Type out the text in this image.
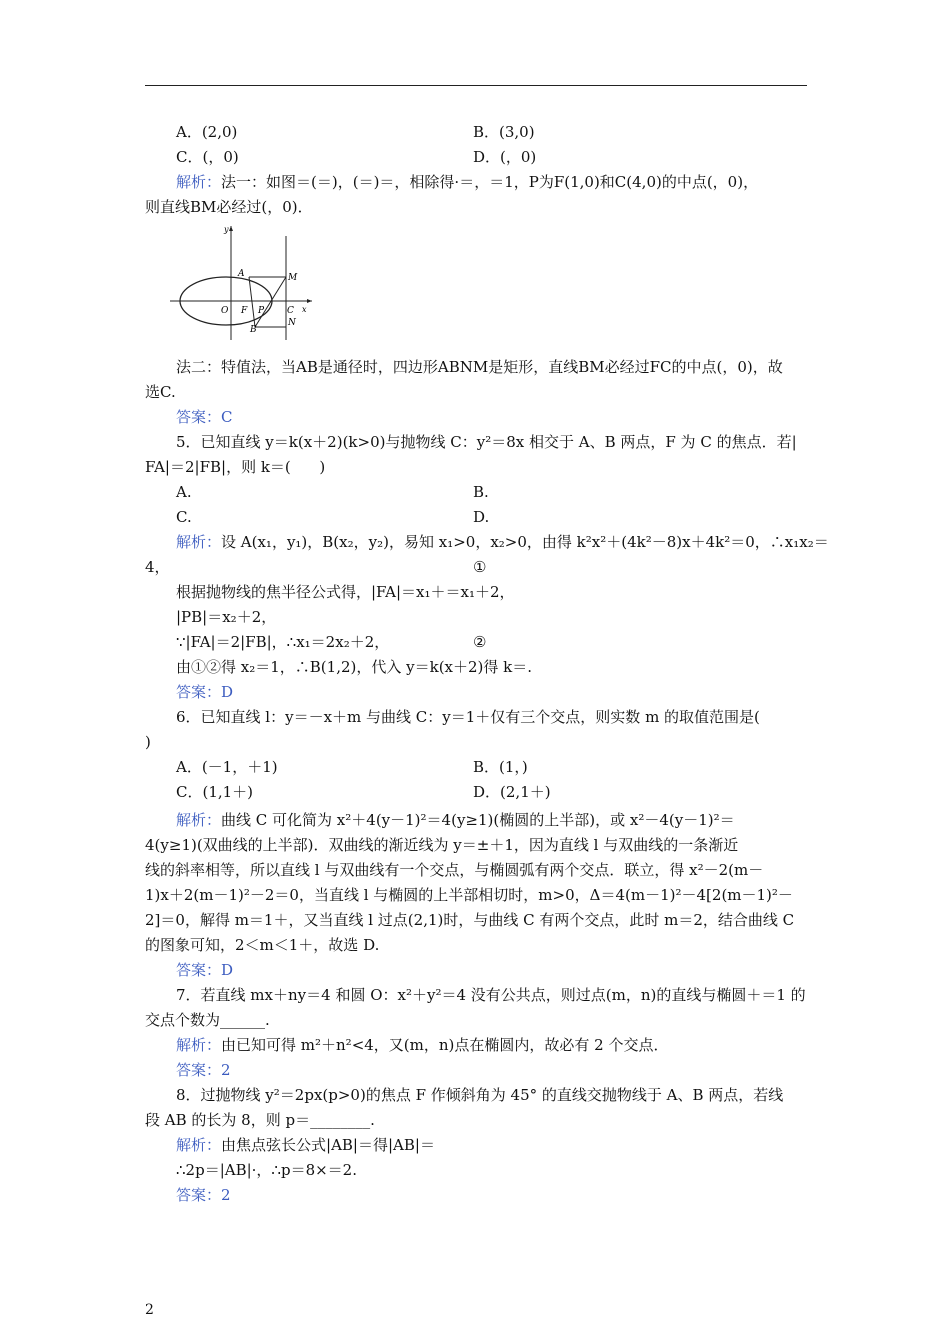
A．(2,0)	B．(3,0)
C．(，0)	D．(，0)
解析：法一：如图＝(＝)，(＝)＝，相除得·＝，＝1，P为F(1,0)和C(4,0)的中点(，0)，
则直线BM必经过(，0)．
y
x
O F P	C
A
B
M
N
法二：特值法，当AB是通径时，四边形ABNM是矩形，直线BM必经过FC的中点(，0)，故
选C.
答案：C
5．已知直线 y＝k(x＋2)(k>0)与抛物线 C：y²＝8x 相交于 A、B 两点，F 为 C 的焦点．若|
FA|＝2|FB|，则 k＝(      )
A.	B.
C.	D.
解析：设 A(x₁，y₁)，B(x₂，y₂)，易知 x₁>0，x₂>0，由得 k²x²＋(4k²－8)x＋4k²＝0，∴x₁x₂＝
4，	①
根据抛物线的焦半径公式得，|FA|＝x₁＋＝x₁＋2，
|PB|＝x₂＋2，
∵|FA|＝2|FB|，∴x₁＝2x₂＋2，	②
由①②得 x₂＝1，∴B(1,2)，代入 y＝k(x＋2)得 k＝.
答案：D
6．已知直线 l：y＝－x＋m 与曲线 C：y＝1＋仅有三个交点，则实数 m 的取值范围是(
)
A．(－1，＋1)	B．(1，)
C．(1,1＋)	D．(2,1＋)
解析：曲线 C 可化简为 x²＋4(y－1)²＝4(y≥1)(椭圆的上半部)，或 x²－4(y－1)²＝
4(y≥1)(双曲线的上半部)．双曲线的渐近线为 y＝±＋1，因为直线 l 与双曲线的一条渐近
线的斜率相等，所以直线 l 与双曲线有一个交点，与椭圆弧有两个交点．联立，得 x²－2(m－
1)x＋2(m－1)²－2＝0，当直线 l 与椭圆的上半部相切时，m>0，Δ＝4(m－1)²－4[2(m－1)²－
2]＝0，解得 m＝1＋，又当直线 l 过点(2,1)时，与曲线 C 有两个交点，此时 m＝2，结合曲线 C
的图象可知，2＜m＜1＋，故选 D.
答案：D
7．若直线 mx＋ny＝4 和圆 O：x²＋y²＝4 没有公共点，则过点(m，n)的直线与椭圆＋＝1 的
交点个数为______.
解析：由已知可得 m²＋n²<4，又(m，n)点在椭圆内，故必有 2 个交点．
答案：2
8．过抛物线 y²＝2px(p>0)的焦点 F 作倾斜角为 45° 的直线交抛物线于 A、B 两点，若线
段 AB 的长为 8，则 p＝________.
解析：由焦点弦长公式|AB|＝得|AB|＝
∴2p＝|AB|·，∴p＝8×＝2.
答案：2
2
